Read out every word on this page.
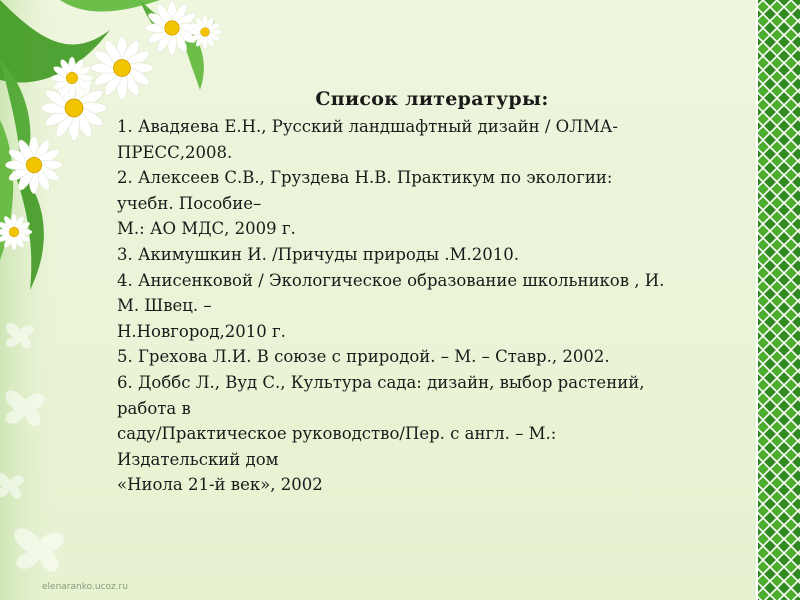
Список литературы:
1. Авадяева Е.Н., Русский ландшафтный дизайн / ОЛМА-
ПРЕСС,2008.
2. Алексеев С.В., Груздева Н.В. Практикум по экологии:
учебн. Пособие–
М.: АО МДС, 2009 г.
3. Акимушкин И. /Причуды природы .М.2010.
4. Анисенковой / Экологическое образование школьников , И.
М. Швец. –
Н.Новгород,2010 г.
5. Грехова Л.И. В союзе с природой. – М. – Ставр., 2002.
6. Доббс Л., Вуд С., Культура сада: дизайн, выбор растений,
работа в
саду/Практическое руководство/Пер. с англ. – М.:
Издательский дом
«Ниола 21-й век», 2002
elenaranko.ucoz.ru
